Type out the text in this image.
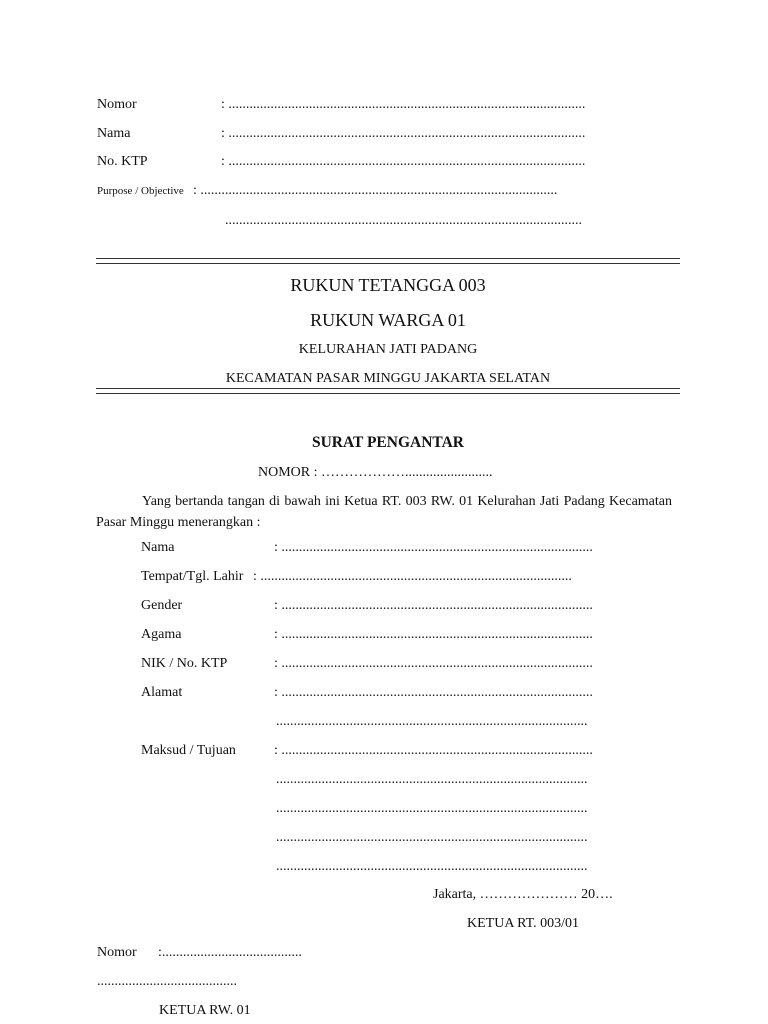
Nomor	: ......................................................................................................
Nama	: ......................................................................................................
No. KTP	: ......................................................................................................
Purpose / Objective : ......................................................................................................
......................................................................................................
RUKUN TETANGGA 003
RUKUN WARGA 01
KELURAHAN JATI PADANG
KECAMATAN PASAR MINGGU JAKARTA SELATAN
SURAT PENGANTAR
NOMOR : ……………….........................
Yang bertanda tangan di bawah ini Ketua RT. 003 RW. 01 Kelurahan Jati Padang Kecamatan Pasar Minggu menerangkan :
Nama	: .........................................................................................
Tempat/Tgl. Lahir : .........................................................................................
Gender	: .........................................................................................
Agama	: .........................................................................................
NIK / No. KTP	: .........................................................................................
Alamat	: .........................................................................................
.........................................................................................
Maksud / Tujuan	: .........................................................................................
.........................................................................................
.........................................................................................
.........................................................................................
.........................................................................................
Jakarta, ………………… 20….
KETUA RT. 003/01
Nomor :........................................
........................................
KETUA RW. 01
